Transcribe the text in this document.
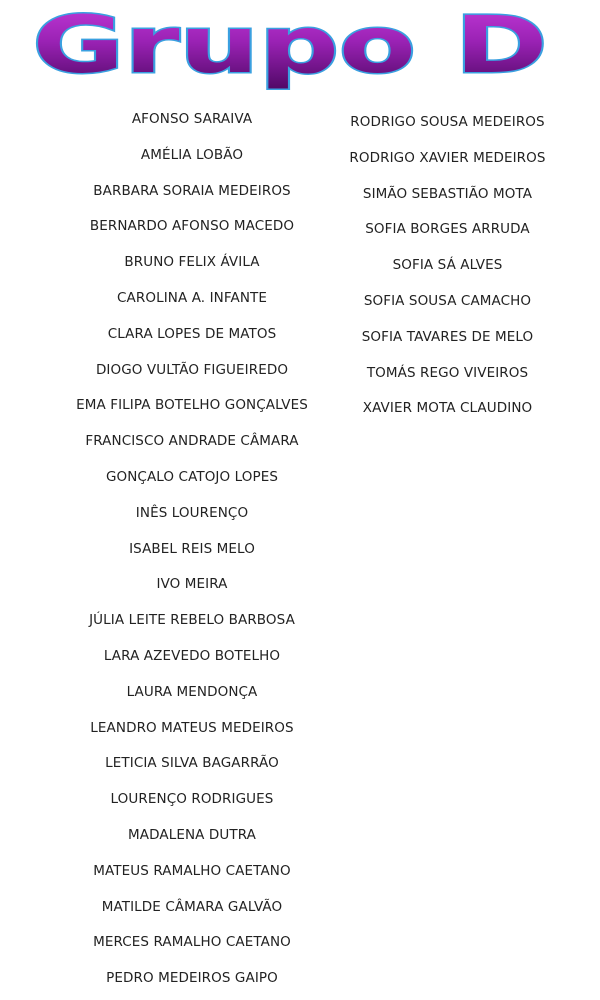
Grupo D
AFONSO SARAIVA
AMÉLIA LOBÃO
BARBARA SORAIA MEDEIROS
BERNARDO AFONSO MACEDO
BRUNO FELIX ÁVILA
CAROLINA A. INFANTE
CLARA LOPES DE MATOS
DIOGO VULTÃO FIGUEIREDO
EMA FILIPA BOTELHO GONÇALVES
FRANCISCO ANDRADE CÂMARA
GONÇALO CATOJO LOPES
INÊS LOURENÇO
ISABEL REIS MELO
IVO MEIRA
JÚLIA LEITE REBELO BARBOSA
LARA AZEVEDO BOTELHO
LAURA MENDONÇA
LEANDRO MATEUS MEDEIROS
LETICIA SILVA BAGARRÃO
LOURENÇO RODRIGUES
MADALENA DUTRA
MATEUS RAMALHO CAETANO
MATILDE CÂMARA GALVÃO
MERCES RAMALHO CAETANO
PEDRO MEDEIROS GAIPO
RODRIGO SOUSA MEDEIROS
RODRIGO XAVIER MEDEIROS
SIMÃO SEBASTIÃO MOTA
SOFIA BORGES ARRUDA
SOFIA SÁ ALVES
SOFIA SOUSA CAMACHO
SOFIA TAVARES DE MELO
TOMÁS REGO VIVEIROS
XAVIER MOTA CLAUDINO
